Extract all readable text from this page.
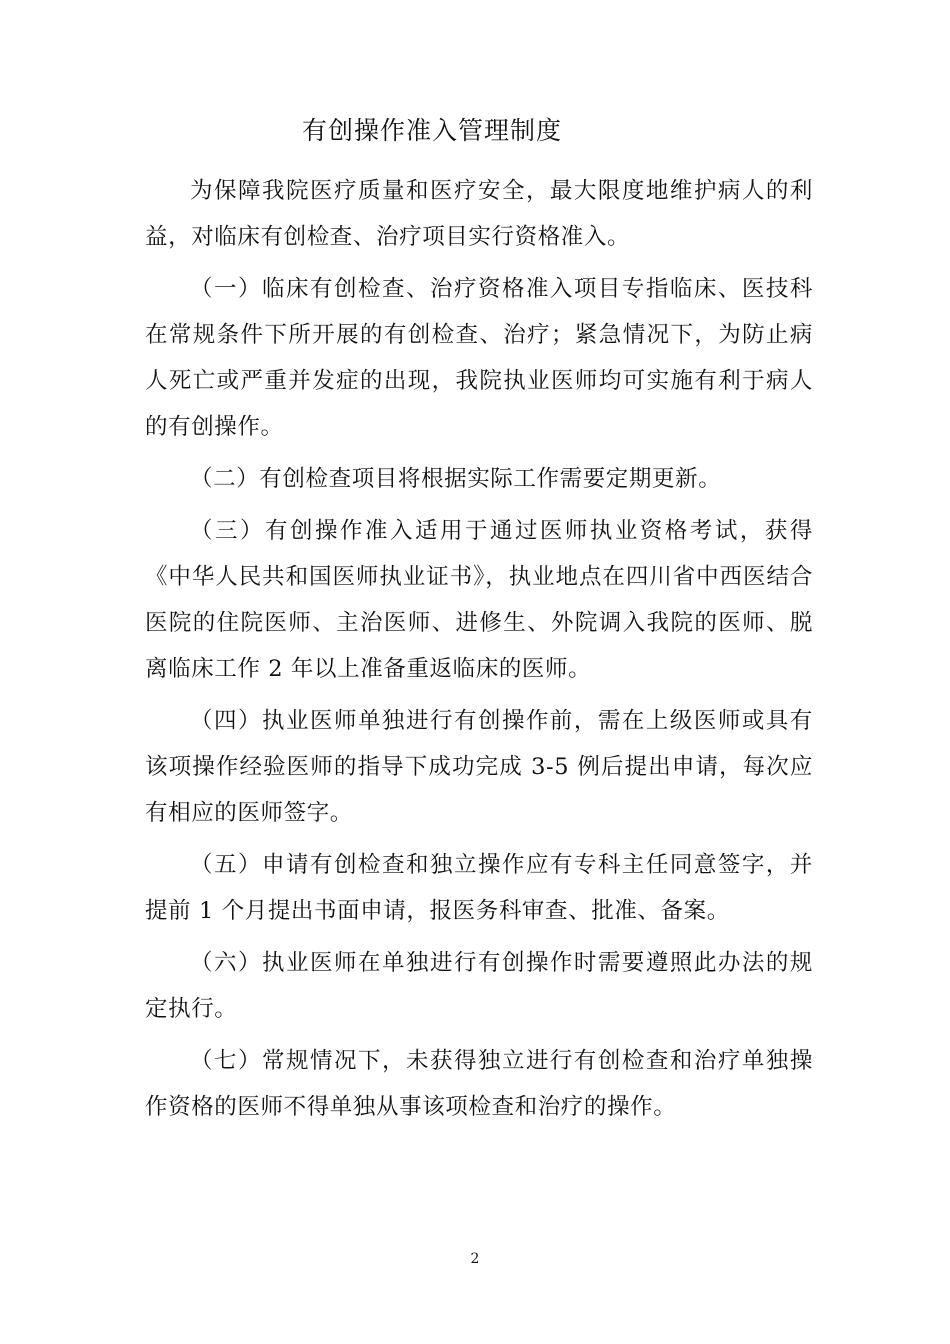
有创操作准入管理制度

为保障我院医疗质量和医疗安全，最大限度地维护病人的利益，对临床有创检查、治疗项目实行资格准入。

（一）临床有创检查、治疗资格准入项目专指临床、医技科在常规条件下所开展的有创检查、治疗；紧急情况下，为防止病人死亡或严重并发症的出现，我院执业医师均可实施有利于病人的有创操作。

（二）有创检查项目将根据实际工作需要定期更新。

（三）有创操作准入适用于通过医师执业资格考试，获得《中华人民共和国医师执业证书》，执业地点在四川省中西医结合医院的住院医师、主治医师、进修生、外院调入我院的医师、脱离临床工作 2 年以上准备重返临床的医师。

（四）执业医师单独进行有创操作前，需在上级医师或具有该项操作经验医师的指导下成功完成 3-5 例后提出申请，每次应有相应的医师签字。

（五）申请有创检查和独立操作应有专科主任同意签字，并提前 1 个月提出书面申请，报医务科审查、批准、备案。

（六）执业医师在单独进行有创操作时需要遵照此办法的规定执行。

（七）常规情况下，未获得独立进行有创检查和治疗单独操作资格的医师不得单独从事该项检查和治疗的操作。

2
